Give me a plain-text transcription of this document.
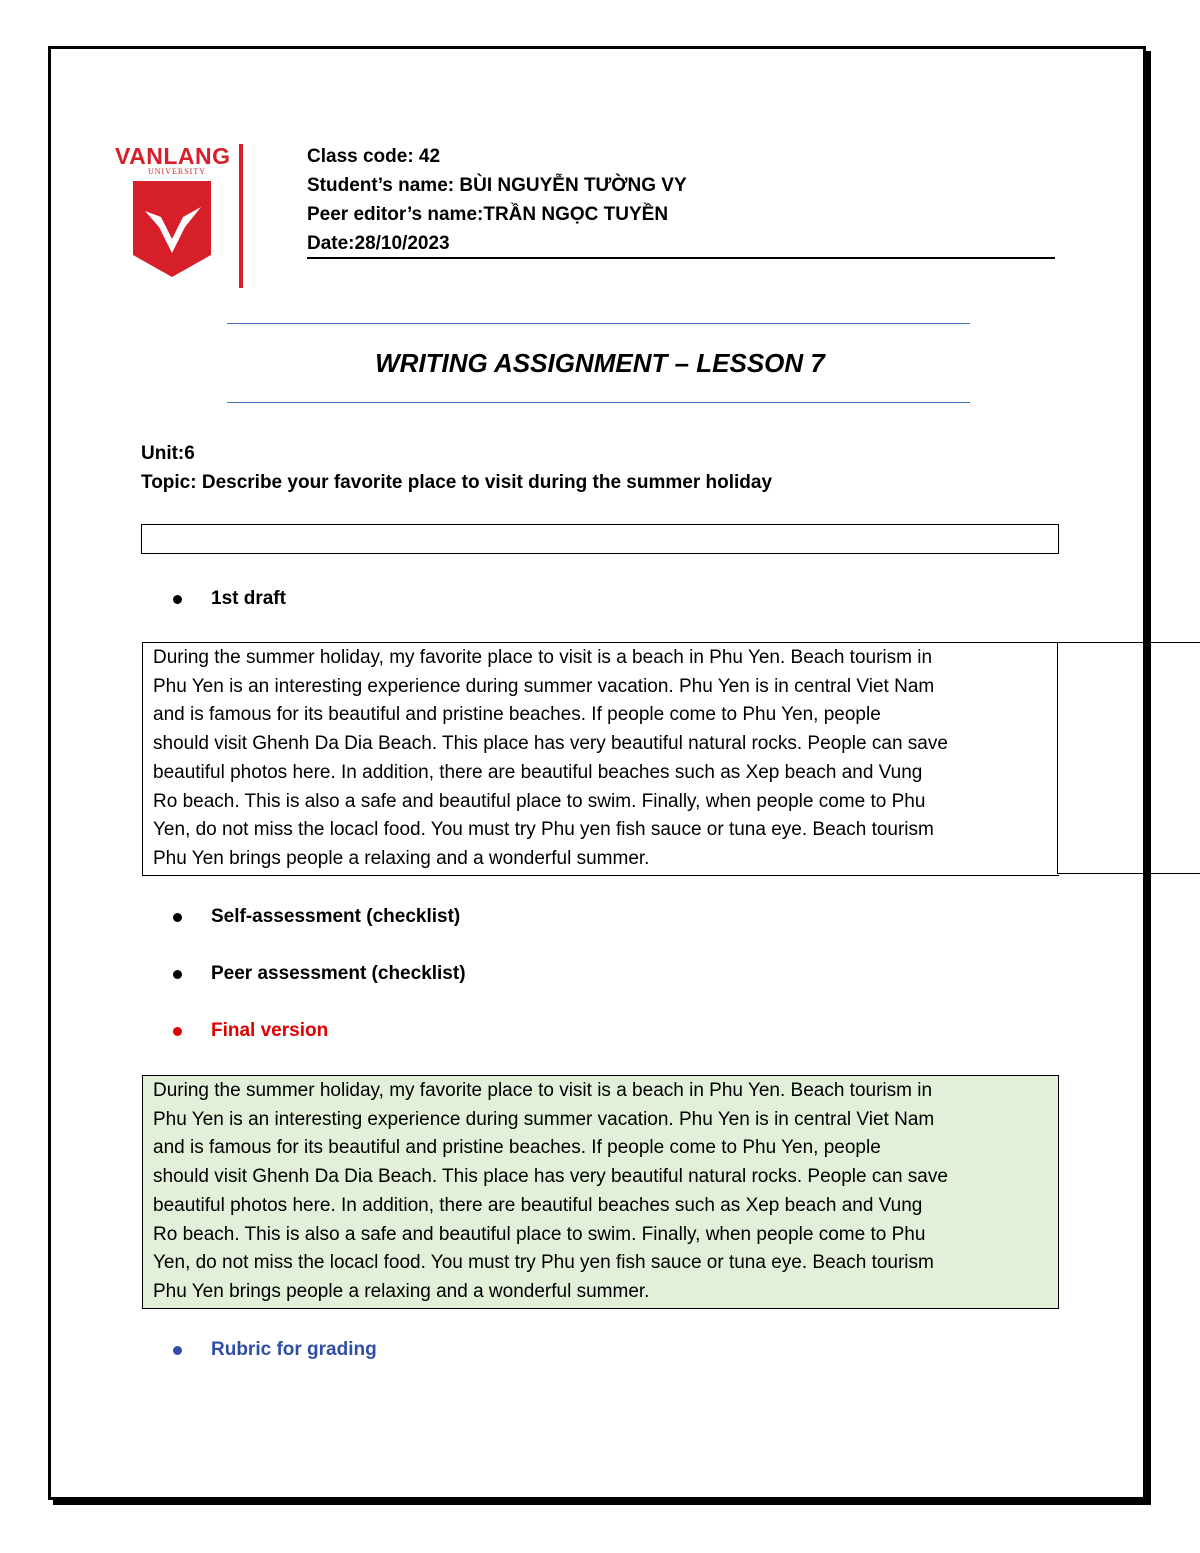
VANLANG
UNIVERSITY
Class code: 42
Student’s name: BÙI NGUYỄN TƯỜNG VY
Peer editor’s name:TRẦN NGỌC TUYỀN
Date:28/10/2023
WRITING ASSIGNMENT – LESSON 7
Unit:6
Topic: Describe your favorite place to visit during the summer holiday
1st draft
During the summer holiday, my favorite place to visit is a beach in Phu Yen. Beach tourism in
Phu Yen is an interesting experience during summer vacation. Phu Yen is in central Viet Nam
and is famous for its beautiful and pristine beaches. If people come to Phu Yen, people
should visit Ghenh Da Dia Beach. This place has very beautiful natural rocks. People can save
beautiful photos here. In addition, there are beautiful beaches such as Xep beach and Vung
Ro beach. This is also a safe and beautiful place to swim. Finally, when people come to Phu
Yen, do not miss the locacl food. You must try Phu yen fish sauce or tuna eye. Beach tourism
Phu Yen brings people a relaxing and a wonderful summer.
Self-assessment (checklist)
Peer assessment (checklist)
Final version
During the summer holiday, my favorite place to visit is a beach in Phu Yen. Beach tourism in
Phu Yen is an interesting experience during summer vacation. Phu Yen is in central Viet Nam
and is famous for its beautiful and pristine beaches. If people come to Phu Yen, people
should visit Ghenh Da Dia Beach. This place has very beautiful natural rocks. People can save
beautiful photos here. In addition, there are beautiful beaches such as Xep beach and Vung
Ro beach. This is also a safe and beautiful place to swim. Finally, when people come to Phu
Yen, do not miss the locacl food. You must try Phu yen fish sauce or tuna eye. Beach tourism
Phu Yen brings people a relaxing and a wonderful summer.
Rubric for grading
